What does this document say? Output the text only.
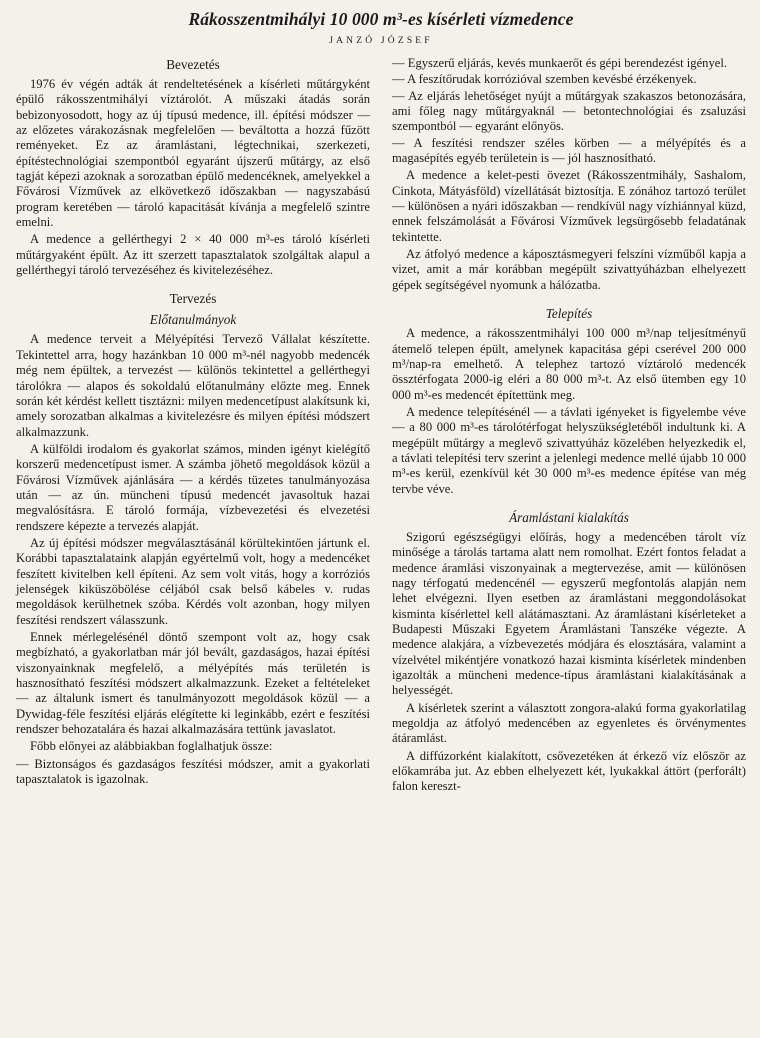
Rákosszentmihályi 10 000 m³-es kísérleti vízmedence
JANZÓ JÓZSEF
Bevezetés

1976 év végén adták át rendeltetésének a kísérleti műtárgyként épülő rákosszentmihályi víztárolót. A műszaki átadás során bebizonyosodott, hogy az új típusú medence, ill. építési módszer — az előzetes várakozásnak megfelelően — beváltotta a hozzá fűzött reményeket. Ez az áramlástani, légtechnikai, szerkezeti, építéstechnológiai szempontból egyaránt újszerű műtárgy, az első tagját képezi azoknak a sorozatban épülő medencéknek, amelyekkel a Fővárosi Vízművek az elkövetkező időszakban — nagyszabású program keretében — tároló kapacitását kívánja a megfelelő szintre emelni.

A medence a gellérthegyi 2 × 40 000 m³-es tároló kísérleti műtárgyaként épült. Az itt szerzett tapasztalatok szolgáltak alapul a gellérthegyi tároló tervezéséhez és kivitelezéséhez.

Tervezés
Előtanulmányok

A medence terveit a Mélyépítési Tervező Vállalat készítette. Tekintettel arra, hogy hazánkban 10 000 m³-nél nagyobb medencék még nem épültek, a tervezést — különös tekintettel a gellérthegyi tárolókra — alapos és sokoldalú előtanulmány előzte meg. Ennek során két kérdést kellett tisztázni: milyen medencetípust alakítsunk ki, amely sorozatban alkalmas a kivitelezésre és milyen építési módszert alkalmazzunk.

A külföldi irodalom és gyakorlat számos, minden igényt kielégítő korszerű medencetípust ismer. A számba jöhető megoldások közül a Fővárosi Vízművek ajánlására — a kérdés tüzetes tanulmányozása után — az ún. müncheni típusú medencét javasoltuk hazai megvalósításra. E tároló formája, vízbevezetési és elvezetési rendszere képezte a tervezés alapját.

Az új építési módszer megválasztásánál körültekintően jártunk el. Korábbi tapasztalataink alapján egyértelmű volt, hogy a medencéket feszített kivitelben kell építeni. Az sem volt vitás, hogy a korróziós jelenségek kiküszöbölése céljából csak belső kábeles v. rudas megoldások kerülhetnek szóba. Kérdés volt azonban, hogy milyen feszítési rendszert válasszunk.

Ennek mérlegelésénél döntő szempont volt az, hogy csak megbízható, a gyakorlatban már jól bevált, gazdaságos, hazai építési viszonyainknak megfelelő, a mélyépítés más területén is hasznosítható feszítési módszert alkalmazzunk. Ezeket a feltételeket — az általunk ismert és tanulmányozott megoldások közül — a Dywidag-féle feszítési eljárás elégítette ki leginkább, ezért e feszítési rendszer behozatalára és hazai alkalmazására tettünk javaslatot.

Főbb előnyei az alábbiakban foglalhatjuk össze:

— Biztonságos és gazdaságos feszítési módszer, amit a gyakorlati tapasztalatok is igazolnak.
— Egyszerű eljárás, kevés munkaerőt és gépi berendezést igényel.
— A feszítőrudak korrózióval szemben kevésbé érzékenyek.
— Az eljárás lehetőséget nyújt a műtárgyak szakaszos betonozására, ami főleg nagy műtárgyaknál — betontechnológiai és zsaluzási szempontból — egyaránt előnyös.
— A feszítési rendszer széles körben — a mélyépítés és a magasépítés egyéb területein is — jól hasznosítható.

A medence a kelet-pesti övezet (Rákosszentmihály, Sashalom, Cinkota, Mátyásföld) vízellátását biztosítja. E zónához tartozó terület — különösen a nyári időszakban — rendkívül nagy vízhiánnyal küzd, ennek felszámolását a Fővárosi Vízművek legsürgősebb feladatának tekintette.

Az átfolyó medence a káposztásmegyeri felszíni vízműből kapja a vizet, amit a már korábban megépült szivattyúházban elhelyezett gépek segítségével nyomunk a hálózatba.

Telepítés

A medence, a rákosszentmihályi 100 000 m³/nap teljesítményű átemelő telepen épült, amelynek kapacitása gépi cserével 200 000 m³/nap-ra emelhető. A telephez tartozó víztároló medencék össztérfogata 2000-ig eléri a 80 000 m³-t. Az első ütemben egy 10 000 m³-es medencét építettünk meg.

A medence telepítésénél — a távlati igényeket is figyelembe véve — a 80 000 m³-es tárolótérfogat helyszükségletéből indultunk ki. A megépült műtárgy a meglevő szivattyúház közelében helyezkedik el, a távlati telepítési terv szerint a jelenlegi medence mellé újabb 10 000 m³-es kerül, ezenkívül két 30 000 m³-es medence építése van még tervbe véve.

Áramlástani kialakítás

Szigorú egészségügyi előírás, hogy a medencében tárolt víz minősége a tárolás tartama alatt nem romolhat. Ezért fontos feladat a medence áramlási viszonyainak a megtervezése, amit — különösen nagy térfogatú medencénél — egyszerű megfontolás alapján nem lehet elvégezni. Ilyen esetben az áramlástani meggondolásokat kisminta kísérlettel kell alátámasztani. Az áramlástani kísérleteket a Budapesti Műszaki Egyetem Áramlástani Tanszéke végezte. A medence alakjára, a vízbevezetés módjára és elosztására, valamint a vízelvétel mikéntjére vonatkozó hazai kisminta kísérletek mindenben igazolták a müncheni medence-típus áramlástani kialakításának a helyességét.

A kísérletek szerint a választott zongora-alakú forma gyakorlatilag megoldja az átfolyó medencében az egyenletes és örvénymentes átáramlást.

A diffúzorként kialakított, csővezetéken át érkező víz először az előkamrába jut. Az ebben elhelyezett két, lyukakkal áttört (perforált) falon kereszt-
